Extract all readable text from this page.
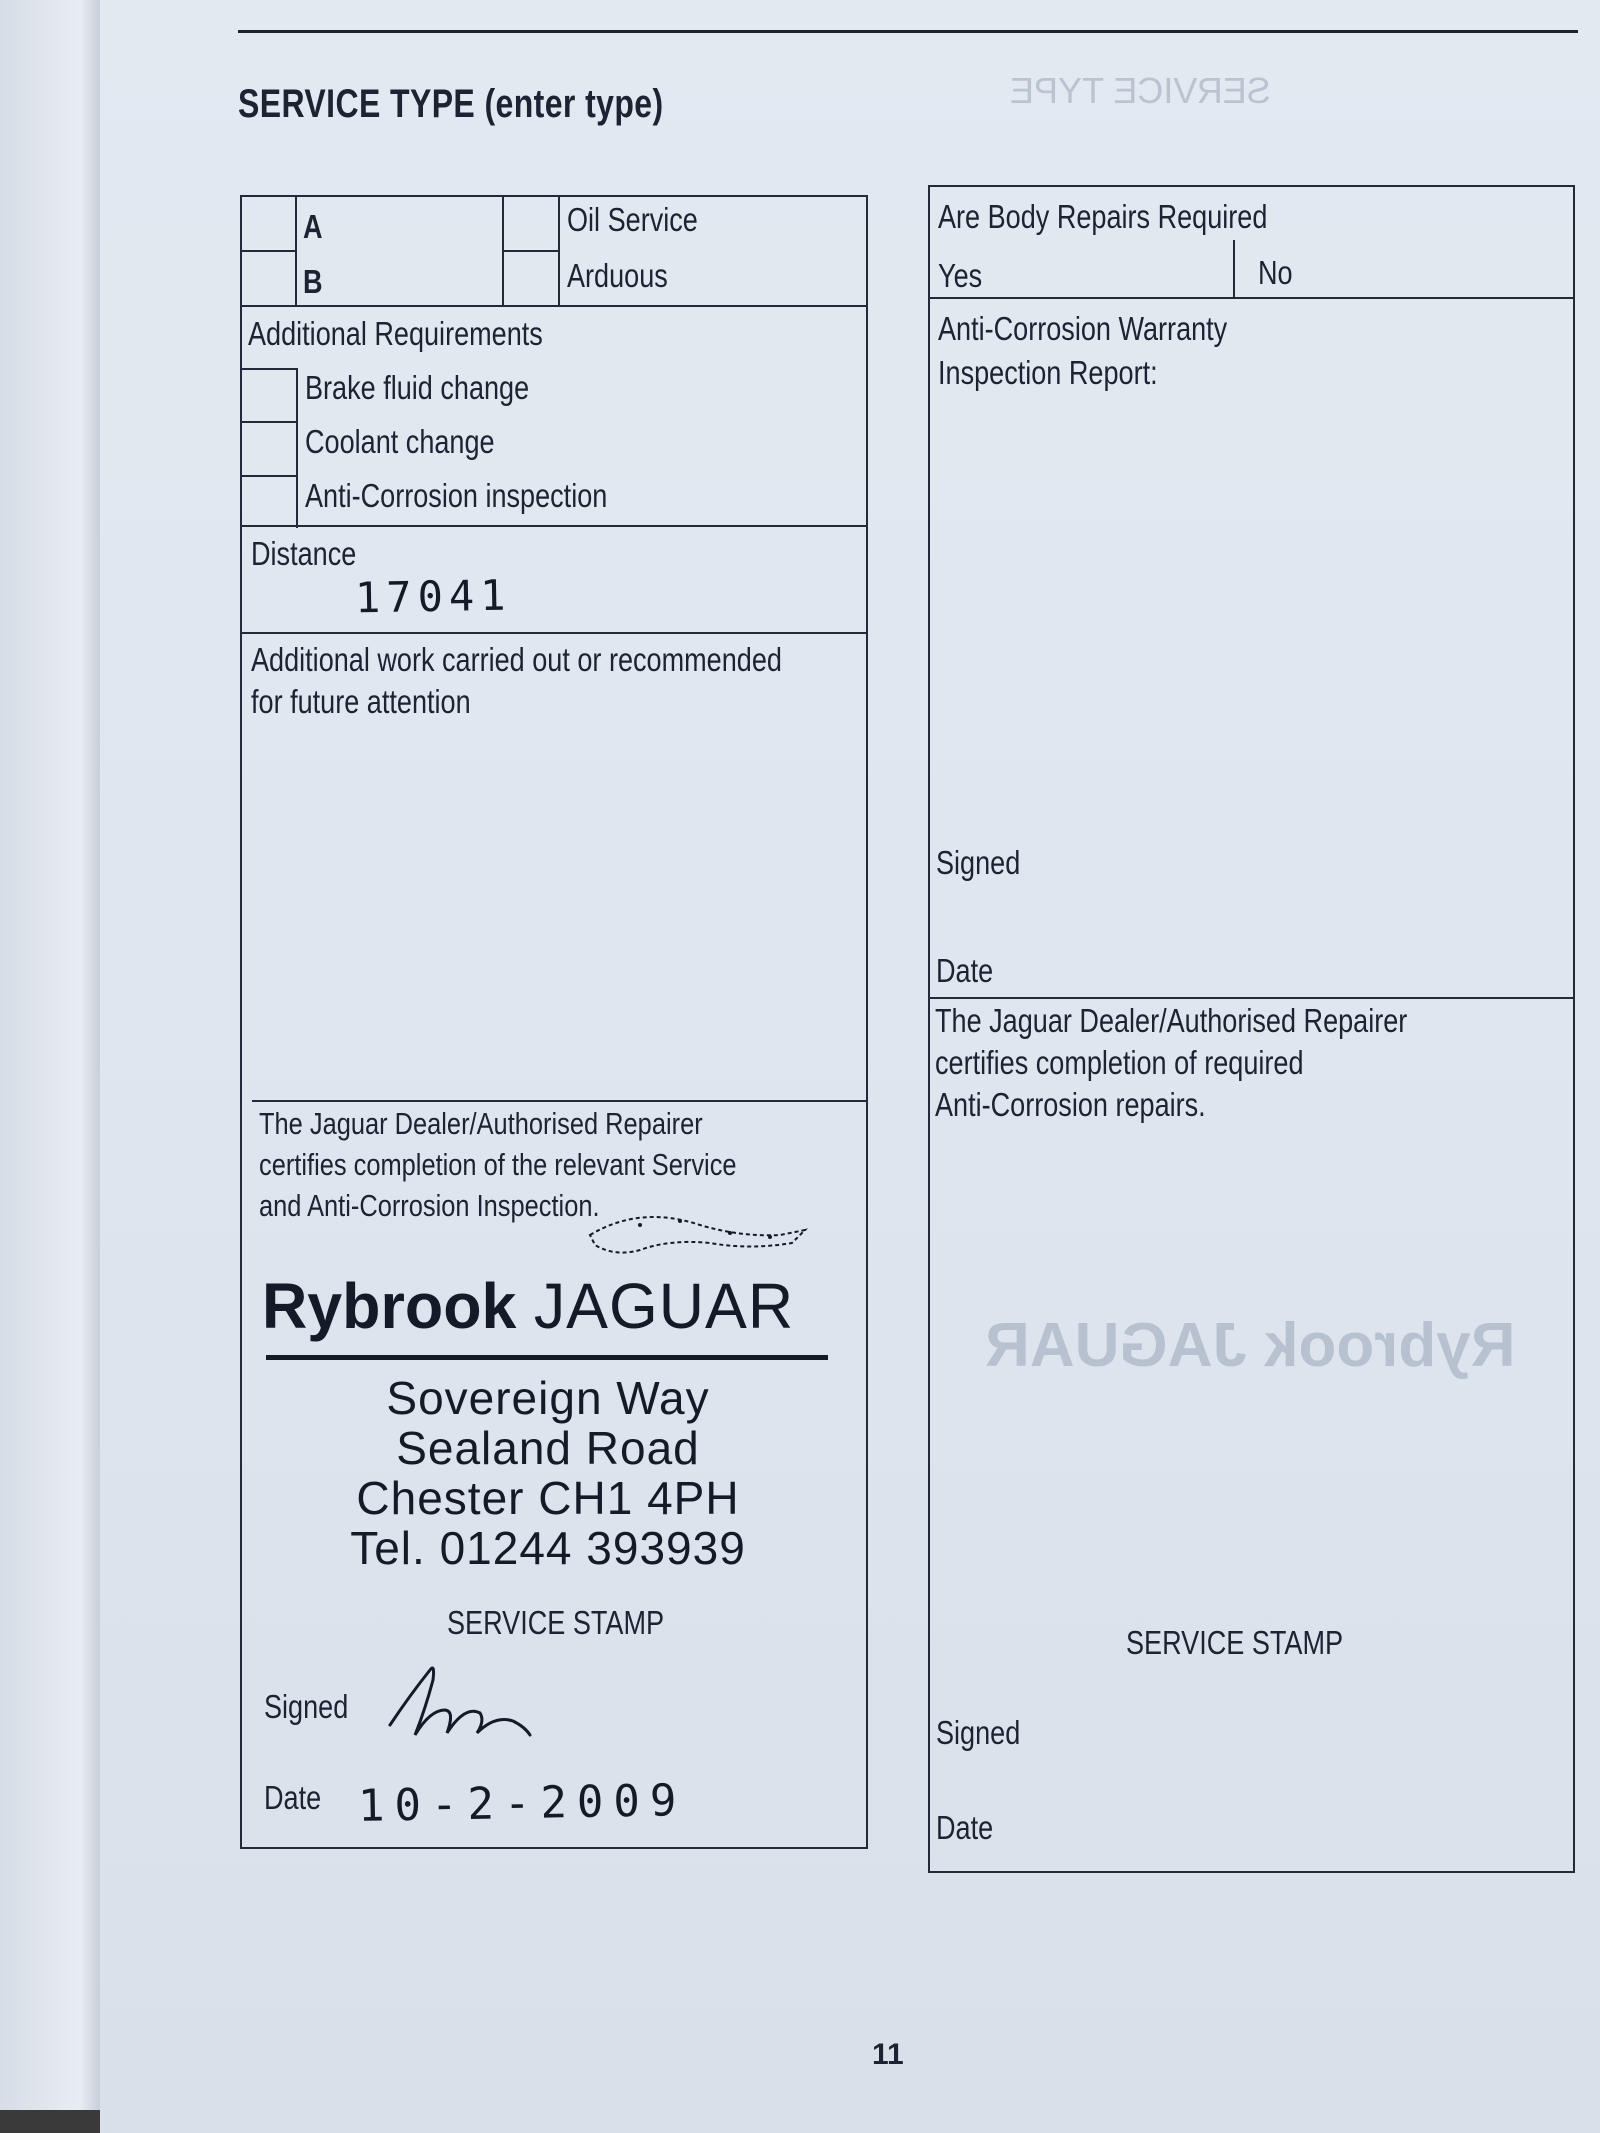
SERVICE TYPE (enter type)	SERVICE TYPE
Rybrook JAGUAR
A
B
Oil Service
Arduous
Additional Requirements
Brake fluid change
Coolant change
Anti-Corrosion inspection
Distance
17041
Additional work carried out or recommended
for future attention
The Jaguar Dealer/Authorised Repairer
certifies completion of the relevant Service
and Anti-Corrosion Inspection.
Rybrook JAGUAR
Sovereign Way
Sealand Road
Chester CH1 4PH
Tel. 01244 393939
SERVICE STAMP
Signed
Date 10-2-2009
Are Body Repairs Required
Yes	No
Anti-Corrosion Warranty
Inspection Report:
Signed
Date
The Jaguar Dealer/Authorised Repairer
certifies completion of required
Anti-Corrosion repairs.
SERVICE STAMP
Signed
Date
11
